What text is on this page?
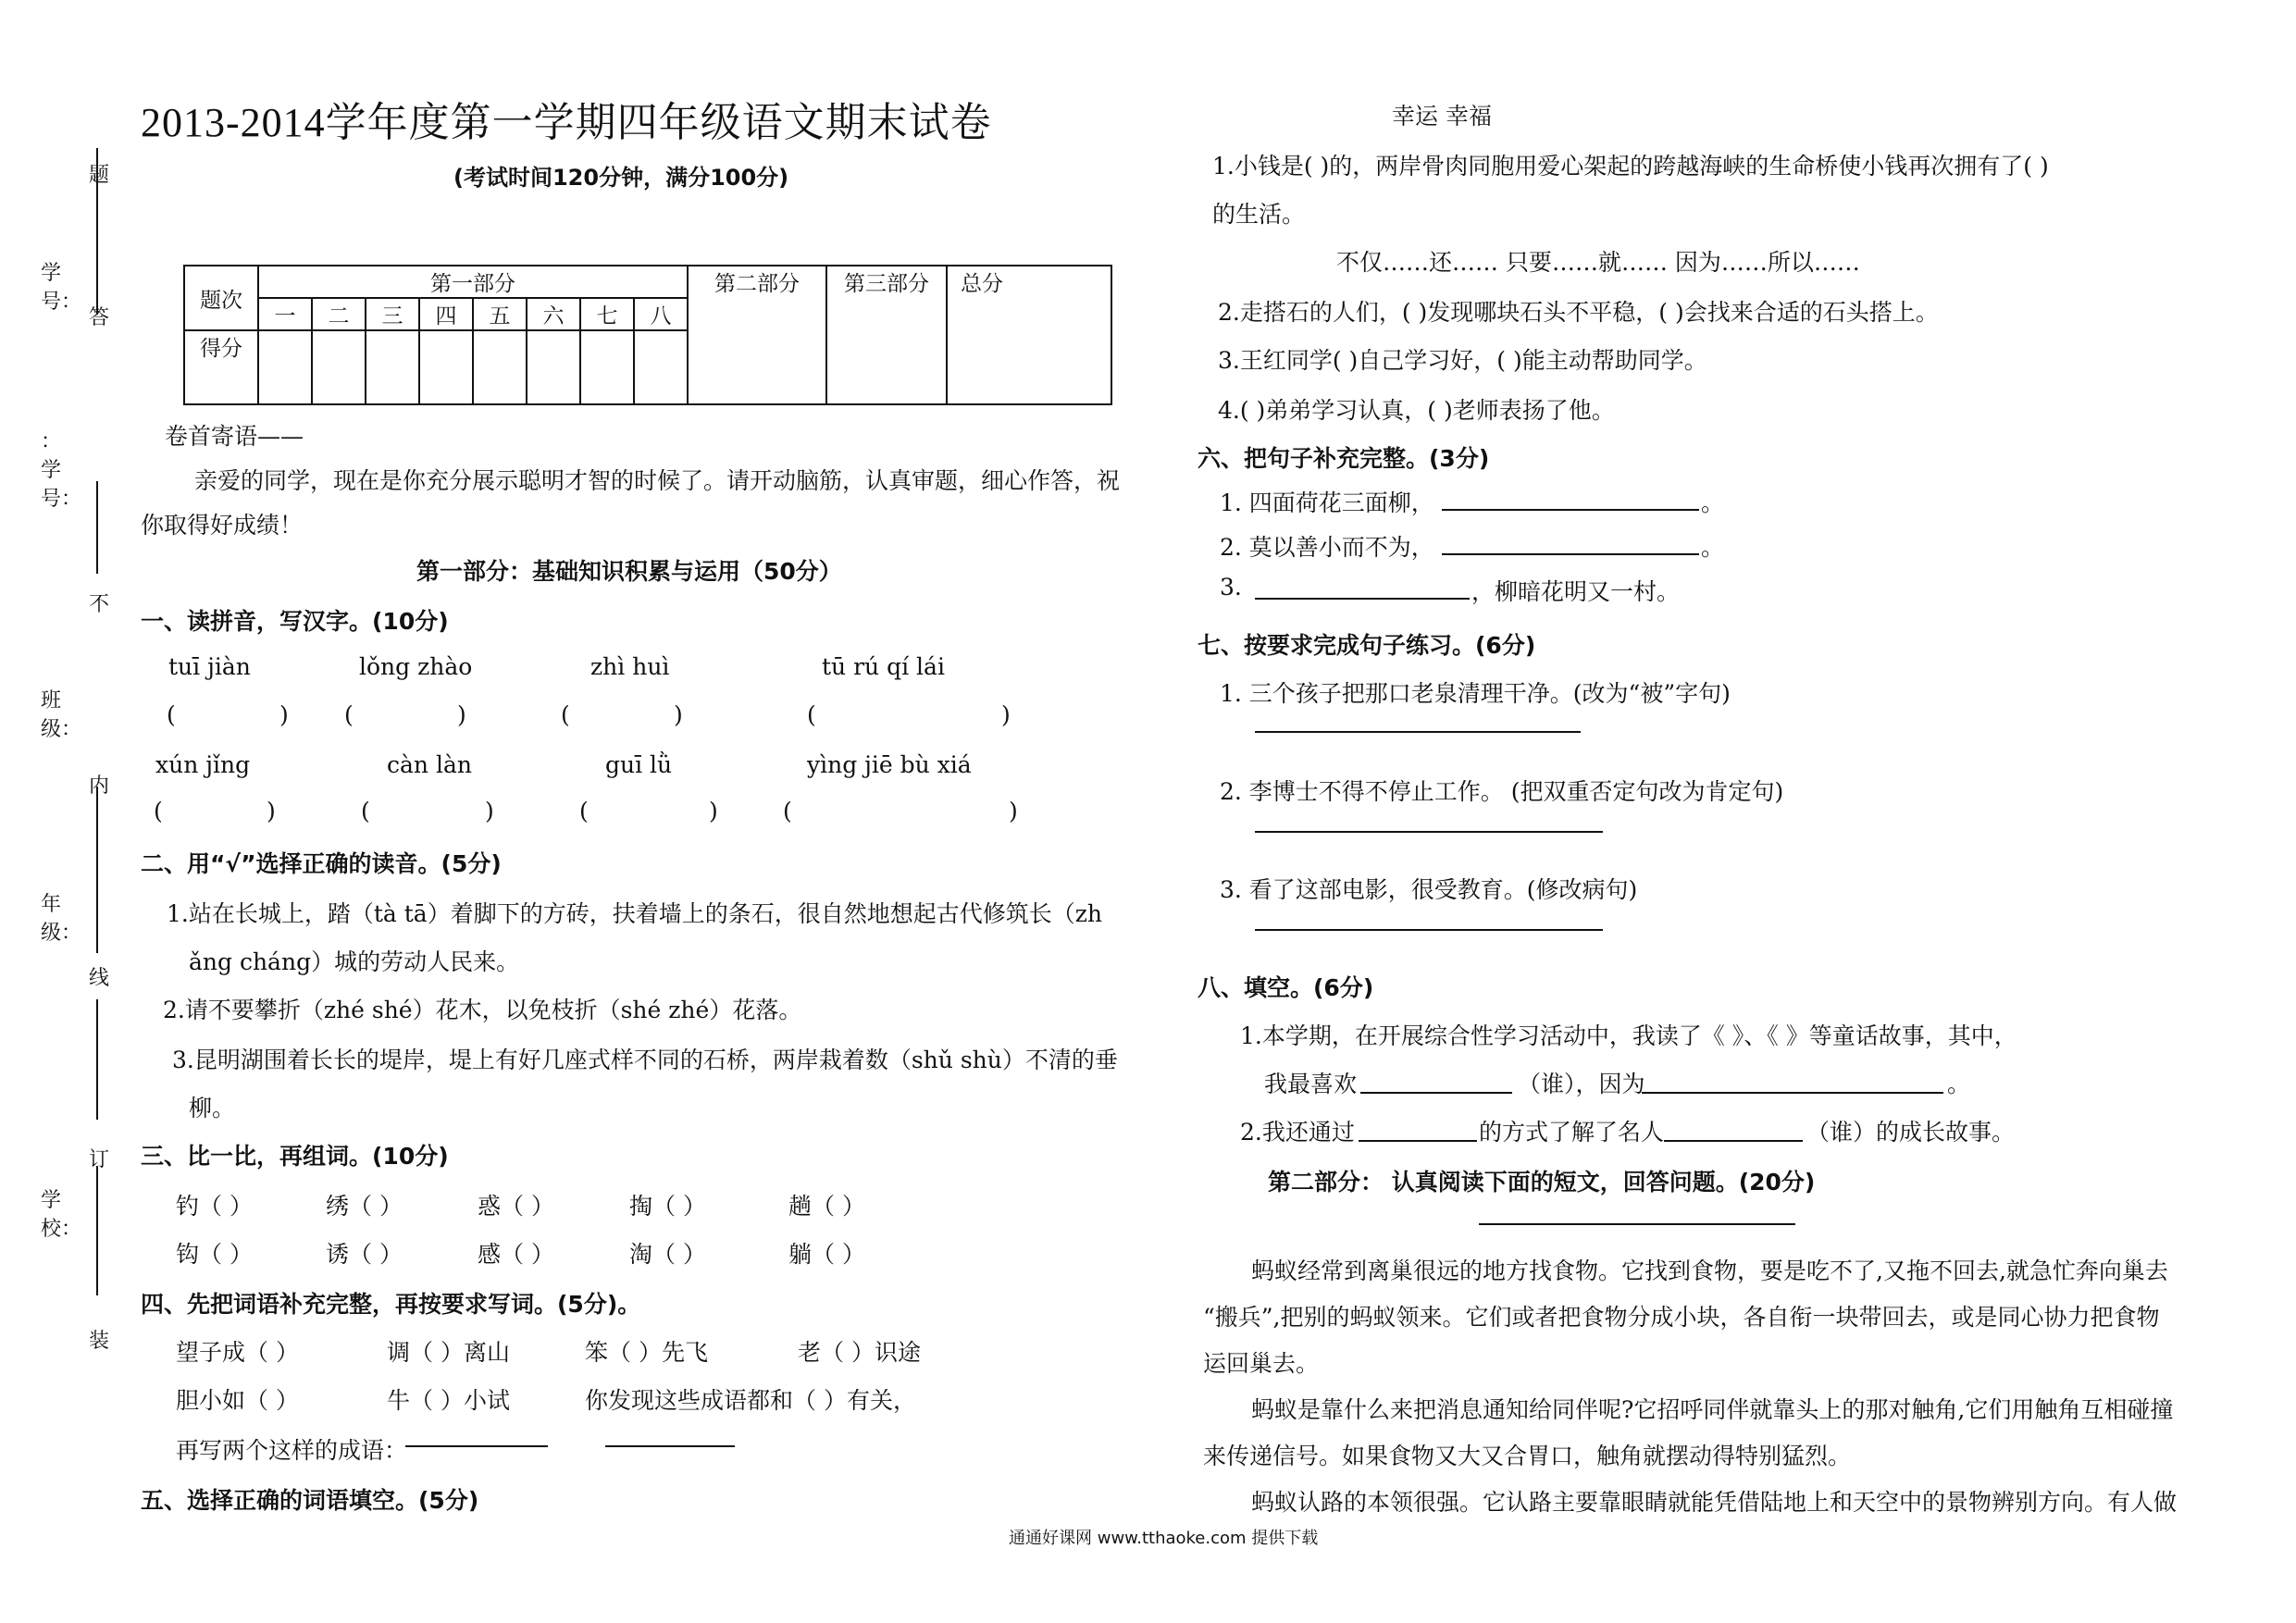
题
答
不
内
线
订
装
学号：
：学号：
班级：
年级：
学校：
2013-2014学年度第一学期四年级语文期末试卷
(考试时间120分钟，满分100分)
题次	第一部分								第二部分	第三部分	总分
	一	二	三	四	五	六	七	八			
得分											
卷首寄语——
亲爱的同学，现在是你充分展示聪明才智的时候了。请开动脑筋，认真审题，细心作答，祝
你取得好成绩！
第一部分：基础知识积累与运用（50分）
一、读拼音，写汉字。(10分)
tuī jiàn	lǒng zhào	zhì huì	tū rú qí lái
(	) (	)	(	)	(	)
xún jǐng	càn làn	guī lǜ	yìng jiē bù xiá
(	)	(	)	(	)	(	)
二、用“√”选择正确的读音。(5分)
1.站在长城上，踏（tà tā）着脚下的方砖，扶着墙上的条石，很自然地想起古代修筑长（zh
ǎng cháng）城的劳动人民来。
2.请不要攀折（zhé shé）花木，以免枝折（shé zhé）花落。
3.昆明湖围着长长的堤岸，堤上有好几座式样不同的石桥，两岸栽着数（shǔ shù）不清的垂
柳。
三、比一比，再组词。(10分)
钓（ ）	绣（ ）	惑（ ）	掏（ ）	趟（ ）
钩（ ）	诱（ ）	感（ ）	淘（ ）	躺（ ）
四、先把词语补充完整，再按要求写词。(5分)。
望子成（ ）	调（ ）离山	笨（ ）先飞	老（ ）识途
胆小如（ ）	牛（ ）小试	你发现这些成语都和（ ）有关，
再写两个这样的成语：
五、选择正确的词语填空。(5分)
幸运 幸福
1.小钱是( )的，两岸骨肉同胞用爱心架起的跨越海峡的生命桥使小钱再次拥有了( )
的生活。
不仅……还…… 只要……就…… 因为……所以……
2.走搭石的人们，( )发现哪块石头不平稳，( )会找来合适的石头搭上。
3.王红同学( )自己学习好，( )能主动帮助同学。
4.( )弟弟学习认真，( )老师表扬了他。
六、把句子补充完整。(3分)
1. 四面荷花三面柳，	。
2. 莫以善小而不为，	。
3.	，柳暗花明又一村。
七、按要求完成句子练习。(6分)
1. 三个孩子把那口老泉清理干净。(改为“被”字句)
2. 李博士不得不停止工作。 (把双重否定句改为肯定句)
3. 看了这部电影，很受教育。(修改病句)
八、填空。(6分)
1.本学期，在开展综合性学习活动中，我读了《 》、《 》等童话故事，其中，
我最喜欢	（谁），因为	。
2.我还通过	的方式了解了名人	（谁）的成长故事。
第二部分： 认真阅读下面的短文，回答问题。(20分)
蚂蚁经常到离巢很远的地方找食物。它找到食物，要是吃不了,又拖不回去,就急忙奔向巢去
“搬兵”,把别的蚂蚁领来。它们或者把食物分成小块，各自衔一块带回去，或是同心协力把食物
运回巢去。
蚂蚁是靠什么来把消息通知给同伴呢?它招呼同伴就靠头上的那对触角,它们用触角互相碰撞
来传递信号。如果食物又大又合胃口，触角就摆动得特别猛烈。
蚂蚁认路的本领很强。它认路主要靠眼睛就能凭借陆地上和天空中的景物辨别方向。有人做
通通好课网 www.tthaoke.com 提供下载
